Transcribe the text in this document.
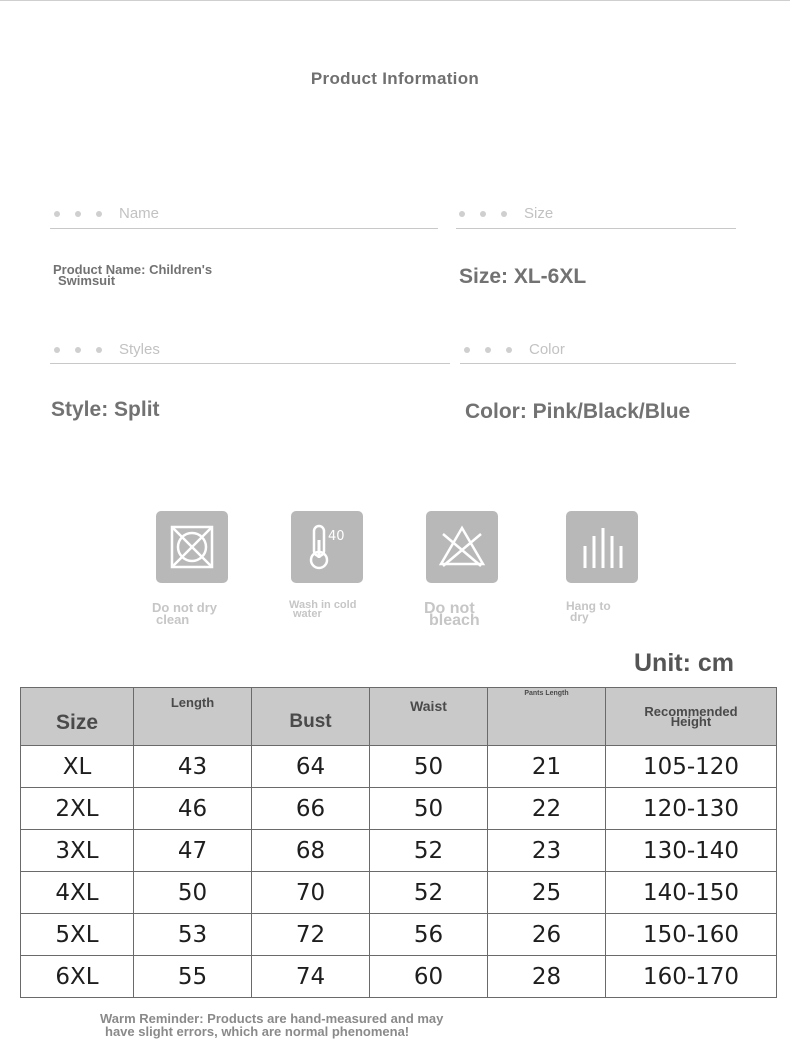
Product Information
Name
Product Name: Children's
Swimsuit
Size
Size: XL-6XL
Styles
Style: Split
Color
Color: Pink/Black/Blue
Do not dry
clean
40
Wash in cold
water	Do not
bleach
Hang to
dry
Unit: cm
Size	Length	Bust	Waist	Pants Length	Recommended Height
XL	43	64	50	21	105-120
2XL	46	66	50	22	120-130
3XL	47	68	52	23	130-140
4XL	50	70	52	25	140-150
5XL	53	72	56	26	150-160
6XL	55	74	60	28	160-170
Warm Reminder: Products are hand-measured and may
have slight errors, which are normal phenomena!
